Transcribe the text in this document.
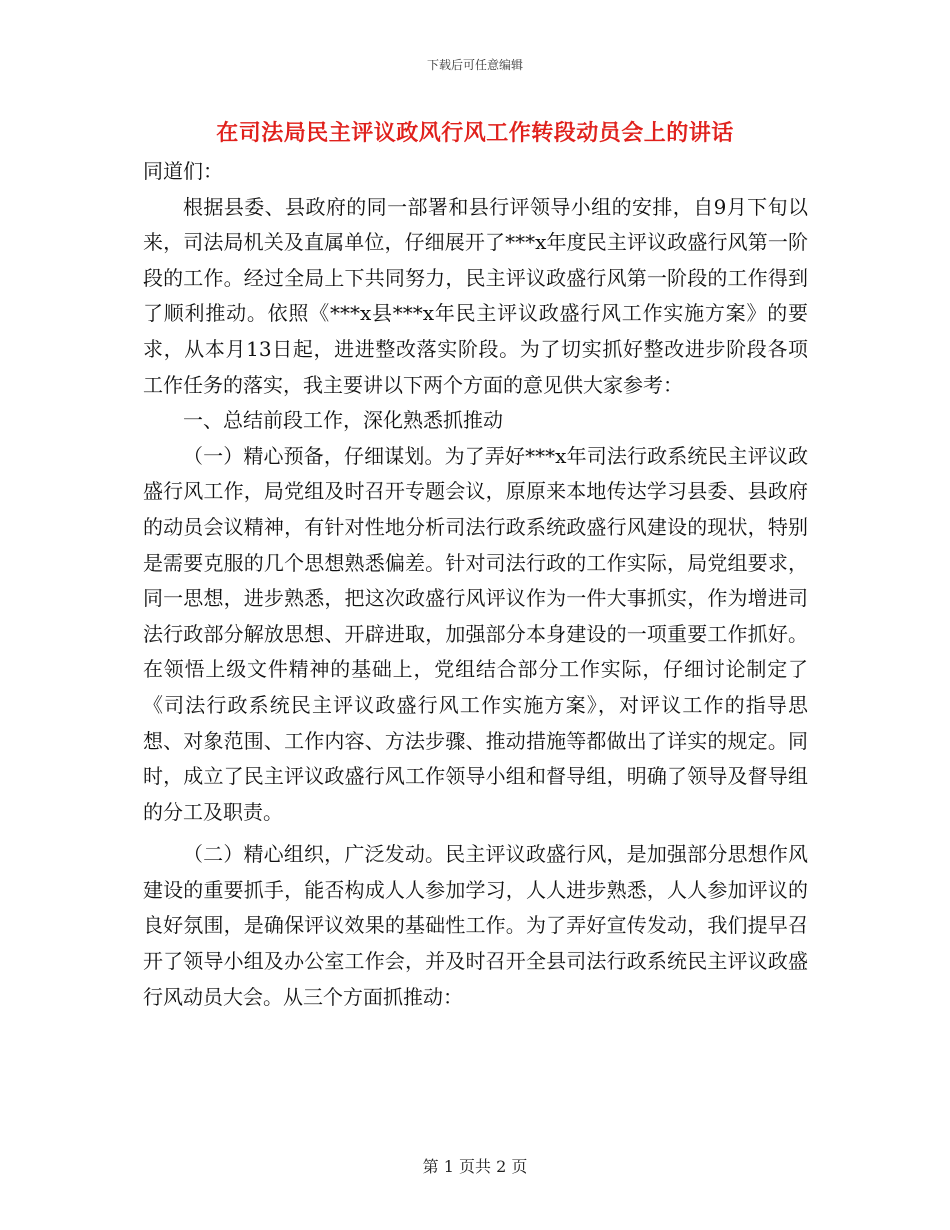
下载后可任意编辑
在司法局民主评议政风行风工作转段动员会上的讲话

同道们：

根据县委、县政府的同一部署和县行评领导小组的安排，自9月下旬以来，司法局机关及直属单位，仔细展开了***x年度民主评议政盛行风第一阶段的工作。经过全局上下共同努力，民主评议政盛行风第一阶段的工作得到了顺利推动。依照《***x县***x年民主评议政盛行风工作实施方案》的要求，从本月13日起，进进整改落实阶段。为了切实抓好整改进步阶段各项工作任务的落实，我主要讲以下两个方面的意见供大家参考：

一、总结前段工作，深化熟悉抓推动

（一）精心预备，仔细谋划。为了弄好***x年司法行政系统民主评议政盛行风工作，局党组及时召开专题会议，原原来本地传达学习县委、县政府的动员会议精神，有针对性地分析司法行政系统政盛行风建设的现状，特别是需要克服的几个思想熟悉偏差。针对司法行政的工作实际，局党组要求，同一思想，进步熟悉，把这次政盛行风评议作为一件大事抓实，作为增进司法行政部分解放思想、开辟进取，加强部分本身建设的一项重要工作抓好。在领悟上级文件精神的基础上，党组结合部分工作实际，仔细讨论制定了《司法行政系统民主评议政盛行风工作实施方案》，对评议工作的指导思想、对象范围、工作内容、方法步骤、推动措施等都做出了详实的规定。同时，成立了民主评议政盛行风工作领导小组和督导组，明确了领导及督导组的分工及职责。

（二）精心组织，广泛发动。民主评议政盛行风，是加强部分思想作风建设的重要抓手，能否构成人人参加学习，人人进步熟悉，人人参加评议的良好氛围，是确保评议效果的基础性工作。为了弄好宣传发动，我们提早召开了领导小组及办公室工作会，并及时召开全县司法行政系统民主评议政盛行风动员大会。从三个方面抓推动：

第 1 页共 2 页
